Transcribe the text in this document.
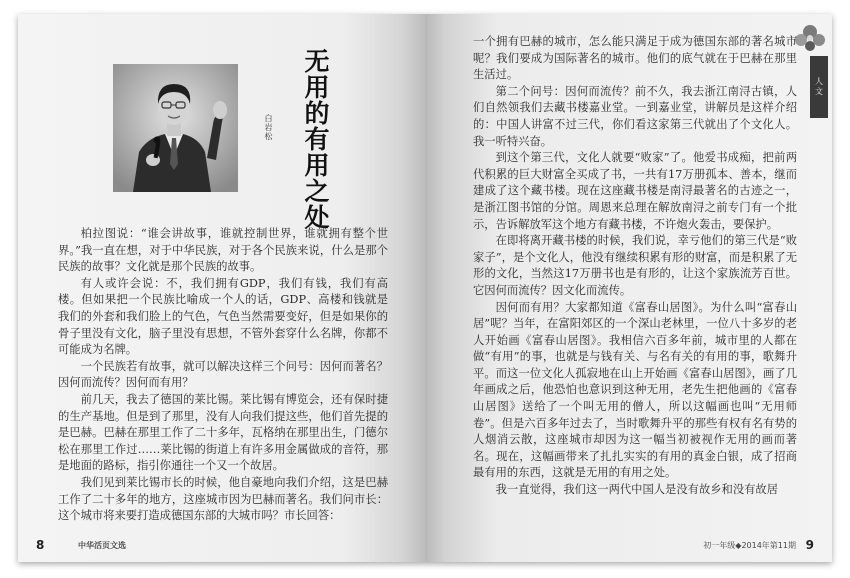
无用的有用之处
白岩松

柏拉图说：“谁会讲故事，谁就控制世界，谁就拥有整个世界。”我一直在想，对于中华民族，对于各个民族来说，什么是那个民族的故事？文化就是那个民族的故事。

有人或许会说：不，我们拥有GDP，我们有钱，我们有高楼。但如果把一个民族比喻成一个人的话，GDP、高楼和钱就是我们的外套和我们脸上的气色，气色当然需要变好，但是如果你的骨子里没有文化，脑子里没有思想，不管外套穿什么名牌，你都不可能成为名牌。

一个民族若有故事，就可以解决这样三个问号：因何而著名？因何而流传？因何而有用？

前几天，我去了德国的莱比锡。莱比锡有博览会，还有保时捷的生产基地。但是到了那里，没有人向我们提这些，他们首先提的是巴赫。巴赫在那里工作了二十多年，瓦格纳在那里出生，门德尔松在那里工作过……莱比锡的街道上有许多用金属做成的音符，那是地面的路标，指引你通往一个又一个故居。

我们见到莱比锡市长的时候，他自豪地向我们介绍，这是巴赫工作了二十多年的地方，这座城市因为巴赫而著名。我们问市长：这个城市将来要打造成德国东部的大城市吗？市长回答：

8	中华活页文选
人文

一个拥有巴赫的城市，怎么能只满足于成为德国东部的著名城市呢？我们要成为国际著名的城市。他们的底气就在于巴赫在那里生活过。

第二个问号：因何而流传？前不久，我去浙江南浔古镇，人们自然领我们去藏书楼嘉业堂。一到嘉业堂，讲解员是这样介绍的：中国人讲富不过三代，你们看这家第三代就出了个文化人。我一听特兴奋。

到这个第三代，文化人就要“败家”了。他爱书成痴，把前两代积累的巨大财富全买成了书，一共有17万册孤本、善本，继而建成了这个藏书楼。现在这座藏书楼是南浔最著名的古迹之一，是浙江图书馆的分馆。周恩来总理在解放南浔之前专门有一个批示，告诉解放军这个地方有藏书楼，不许炮火轰击，要保护。

在即将离开藏书楼的时候，我们说，幸亏他们的第三代是“败家子”，是个文化人，他没有继续积累有形的财富，而是积累了无形的文化，当然这17万册书也是有形的，让这个家族流芳百世。它因何而流传？因文化而流传。

因何而有用？大家都知道《富春山居图》。为什么叫“富春山居”呢？当年，在富阳郊区的一个深山老林里，一位八十多岁的老人开始画《富春山居图》。我相信六百多年前，城市里的人都在做“有用”的事，也就是与钱有关、与名有关的有用的事，歌舞升平。而这一位文化人孤寂地在山上开始画《富春山居图》，画了几年画成之后，他恐怕也意识到这种无用，老先生把他画的《富春山居图》送给了一个叫无用的僧人，所以这幅画也叫“无用师卷”。但是六百多年过去了，当时歌舞升平的那些有权有名有势的人烟消云散，这座城市却因为这一幅当初被视作无用的画而著名。现在，这幅画带来了扎扎实实的有用的真金白银，成了招商最有用的东西，这就是无用的有用之处。

我一直觉得，我们这一两代中国人是没有故乡和没有故居

初一年级◆2014年第11期 9
